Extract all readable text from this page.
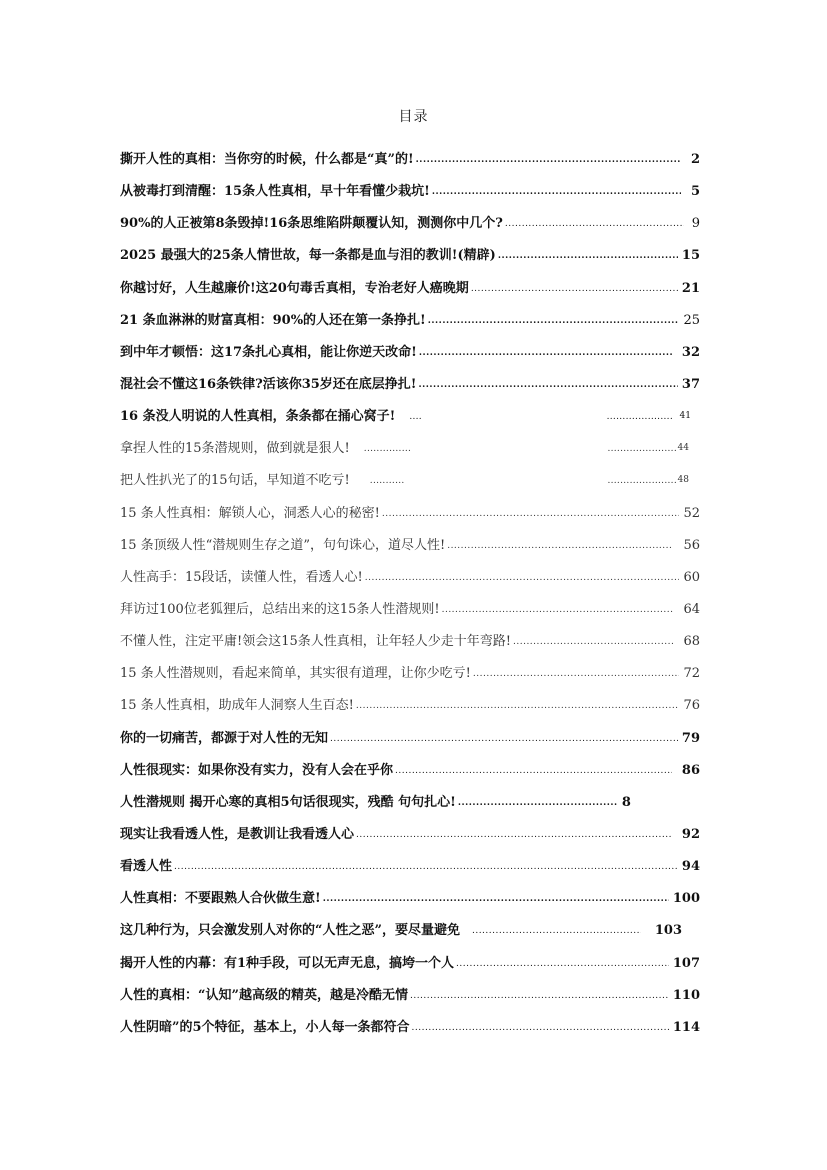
目录
撕开人性的真相：当你穷的时候，什么都是“真”的! .....	2
从被毒打到清醒：15条人性真相，早十年看懂少栽坑! .....	5
90%的人正被第8条毁掉!16条思维陷阱颠覆认知，测测你中几个? .....	9
2025 最强大的25条人情世故，每一条都是血与泪的教训!(精辟) .....	15
你越讨好，人生越廉价!这20句毒舌真相，专治老好人癌晚期 .....	21
21 条血淋淋的财富真相：90%的人还在第一条挣扎! .....	25
到中年才顿悟：这17条扎心真相，能让你逆天改命! .....	32
混社会不懂这16条铁律?活该你35岁还在底层挣扎! .....	37
16 条没人明说的人性真相，条条都在捅心窝子! ....	..................... 41
拿捏人性的15条潜规则，做到就是狠人! ...............	...................... 44
把人性扒光了的15句话，早知道不吃亏! ...........	...................... 48
15 条人性真相：解锁人心，洞悉人心的秘密! .....	52
15 条顶级人性“潜规则生存之道”，句句诛心，道尽人性! .....	56
人性高手：15段话，读懂人性，看透人心! .....	60
拜访过100位老狐狸后，总结出来的这15条人性潜规则! .....	64
不懂人性，注定平庸!领会这15条人性真相，让年轻人少走十年弯路! .....	68
15 条人性潜规则，看起来简单，其实很有道理，让你少吃亏! .....	72
15 条人性真相，助成年人洞察人生百态! .....	76
你的一切痛苦，都源于对人性的无知 .....	79
人性很现实：如果你没有实力，没有人会在乎你 .....	86
人性潜规则 揭开心寒的真相5句话很现实，残酷 句句扎心! .....	8
现实让我看透人性，是教训让我看透人心 .....	92
看透人性 .....	94
人性真相：不要跟熟人合伙做生意! .....	100
这几种行为，只会激发别人对你的“人性之恶”，要尽量避免 .....	103
揭开人性的内幕：有1种手段，可以无声无息，搞垮一个人 .....	107
人性的真相：“认知”越高级的精英，越是冷酷无情 .....	110
人性阴暗”的5个特征，基本上，小人每一条都符合 .....	114
